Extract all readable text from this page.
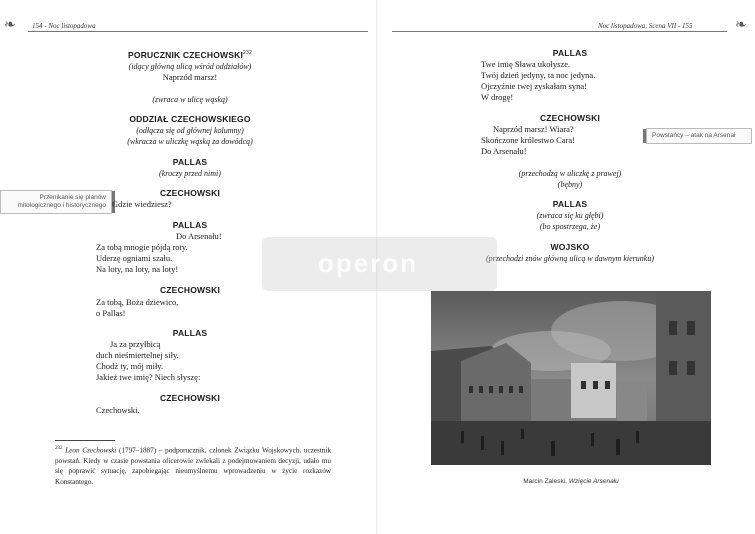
❧ 154 - Noc listopadowa
Przenikanie się planów mitologicznego i historycznego
PORUCZNIK CZECHOWSKI$^{232}$
(idący główną ulicą wśród oddziałów)
Naprzód marsz!
(zwraca w ulicę wąską)
ODDZIAŁ CZECHOWSKIEGO
(odłącza się od głównej kolumny)
(wkracza w uliczkę wąską za dowódcą)
PALLAS
(kroczy przed nimi)
CZECHOWSKI
Gdzie wiedziesz?
PALLAS
Do Arsenału!
Za tobą mnogie pójdą roty.
Uderzę ogniami szału.
Na loty, na loty, na loty!
CZECHOWSKI
Za tobą, Boża dziewico,
o Pallas!
PALLAS
Ja za przyłbicą
duch nieśmiertelnej siły.
Chodź ty, mój miły.
Jakież twe imię? Niech słyszę:
CZECHOWSKI
Czechowski.
$^{232}$ Leon Czechowski (1797–1887) – podporucznik, członek Związku Wojskowych, uczestnik powstań. Kiedy w czasie powstania oficerowie zwlekali z podejmowaniem decyzji, udało mu się poprawić sytuację, zapobiegając nieumyślnemu wprowadzeniu w życie rozkazów Konstantego.
Noc listopadowa, Scena VII - 155	❧
Powstańcy – atak na Arsenał
PALLAS
Twe imię Sława ukołysze.
Twój dzień jedyny, ta noc jedyna.
Ojczyźnie twej zyskałam syna!
W drogę!
CZECHOWSKI
Naprzód marsz! Wiara?
Skończone królestwo Cara!
Do Arsenału!
(przechodzą w uliczkę z prawej)
(bębny)
PALLAS
(zwraca się ku głębi)
(bo spostrzega, że)
WOJSKO
(przechodzi znów główną ulicą w dawnym kierunku)
Marcin Zaleski, Wzięcie Arsenału
operon
